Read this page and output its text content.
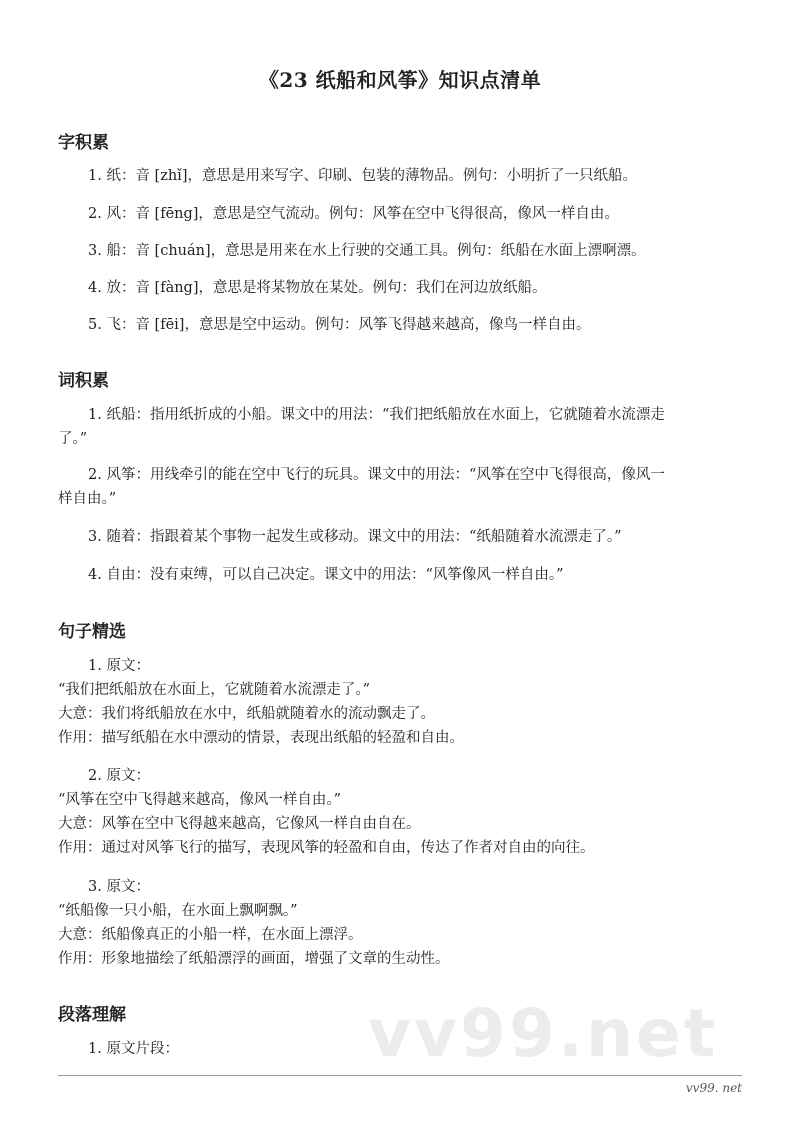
《23 纸船和风筝》知识点清单
字积累
1. 纸：音 [zhǐ]，意思是用来写字、印刷、包装的薄物品。例句：小明折了一只纸船。
2. 风：音 [fēng]，意思是空气流动。例句：风筝在空中飞得很高，像风一样自由。
3. 船：音 [chuán]，意思是用来在水上行驶的交通工具。例句：纸船在水面上漂啊漂。
4. 放：音 [fàng]，意思是将某物放在某处。例句：我们在河边放纸船。
5. 飞：音 [fēi]，意思是空中运动。例句：风筝飞得越来越高，像鸟一样自由。
词积累
1. 纸船：指用纸折成的小船。课文中的用法：“我们把纸船放在水面上，它就随着水流漂走
了。”
2. 风筝：用线牵引的能在空中飞行的玩具。课文中的用法：“风筝在空中飞得很高，像风一
样自由。”
3. 随着：指跟着某个事物一起发生或移动。课文中的用法：“纸船随着水流漂走了。”
4. 自由：没有束缚，可以自己决定。课文中的用法：“风筝像风一样自由。”
句子精选
1. 原文：
“我们把纸船放在水面上，它就随着水流漂走了。”
大意：我们将纸船放在水中，纸船就随着水的流动飘走了。
作用：描写纸船在水中漂动的情景，表现出纸船的轻盈和自由。
2. 原文：
“风筝在空中飞得越来越高，像风一样自由。”
大意：风筝在空中飞得越来越高，它像风一样自由自在。
作用：通过对风筝飞行的描写，表现风筝的轻盈和自由，传达了作者对自由的向往。
3. 原文：
“纸船像一只小船，在水面上飘啊飘。”
大意：纸船像真正的小船一样，在水面上漂浮。
作用：形象地描绘了纸船漂浮的画面，增强了文章的生动性。
段落理解
1. 原文片段：	vv99.net
vv99. net
